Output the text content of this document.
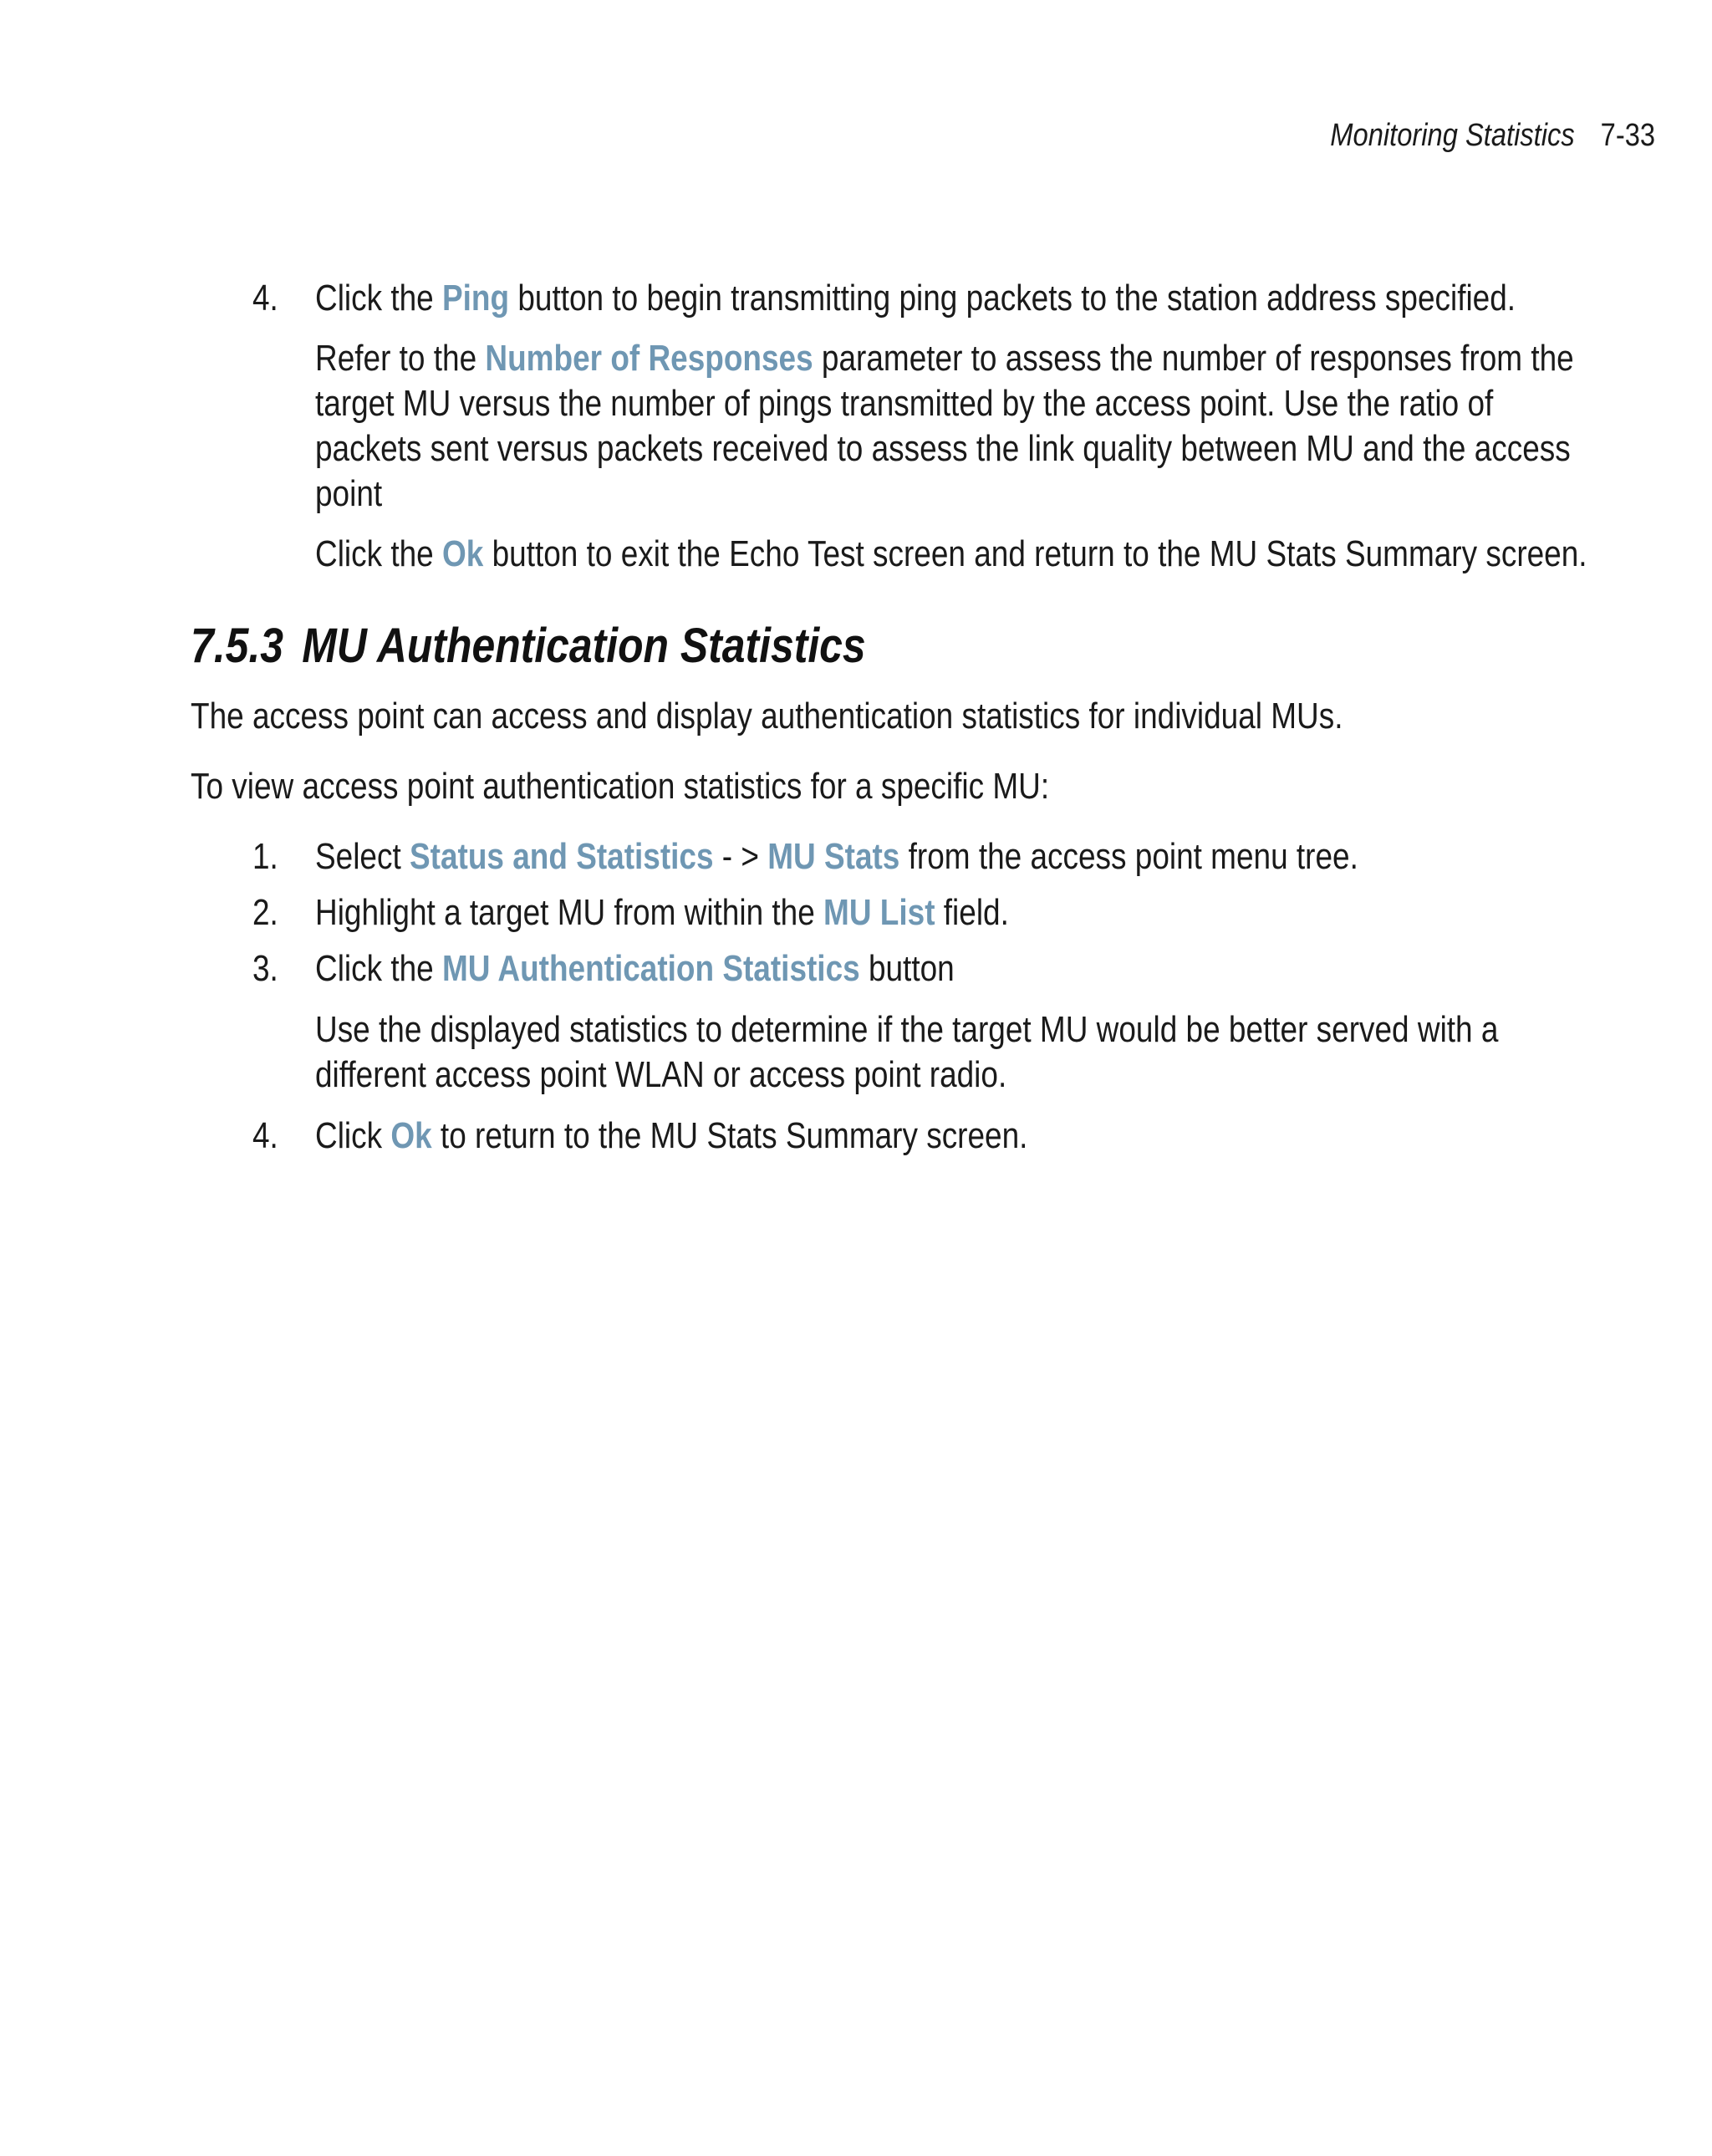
Monitoring Statistics 7-33
4. Click the Ping button to begin transmitting ping packets to the station address specified.
Refer to the Number of Responses parameter to assess the number of responses from the
target MU versus the number of pings transmitted by the access point. Use the ratio of
packets sent versus packets received to assess the link quality between MU and the access
point
Click the Ok button to exit the Echo Test screen and return to the MU Stats Summary screen.
7.5.3 MU Authentication Statistics
The access point can access and display authentication statistics for individual MUs.
To view access point authentication statistics for a specific MU:
1. Select Status and Statistics - > MU Stats from the access point menu tree.
2. Highlight a target MU from within the MU List field.
3. Click the MU Authentication Statistics button
Use the displayed statistics to determine if the target MU would be better served with a
different access point WLAN or access point radio.
4. Click Ok to return to the MU Stats Summary screen.
